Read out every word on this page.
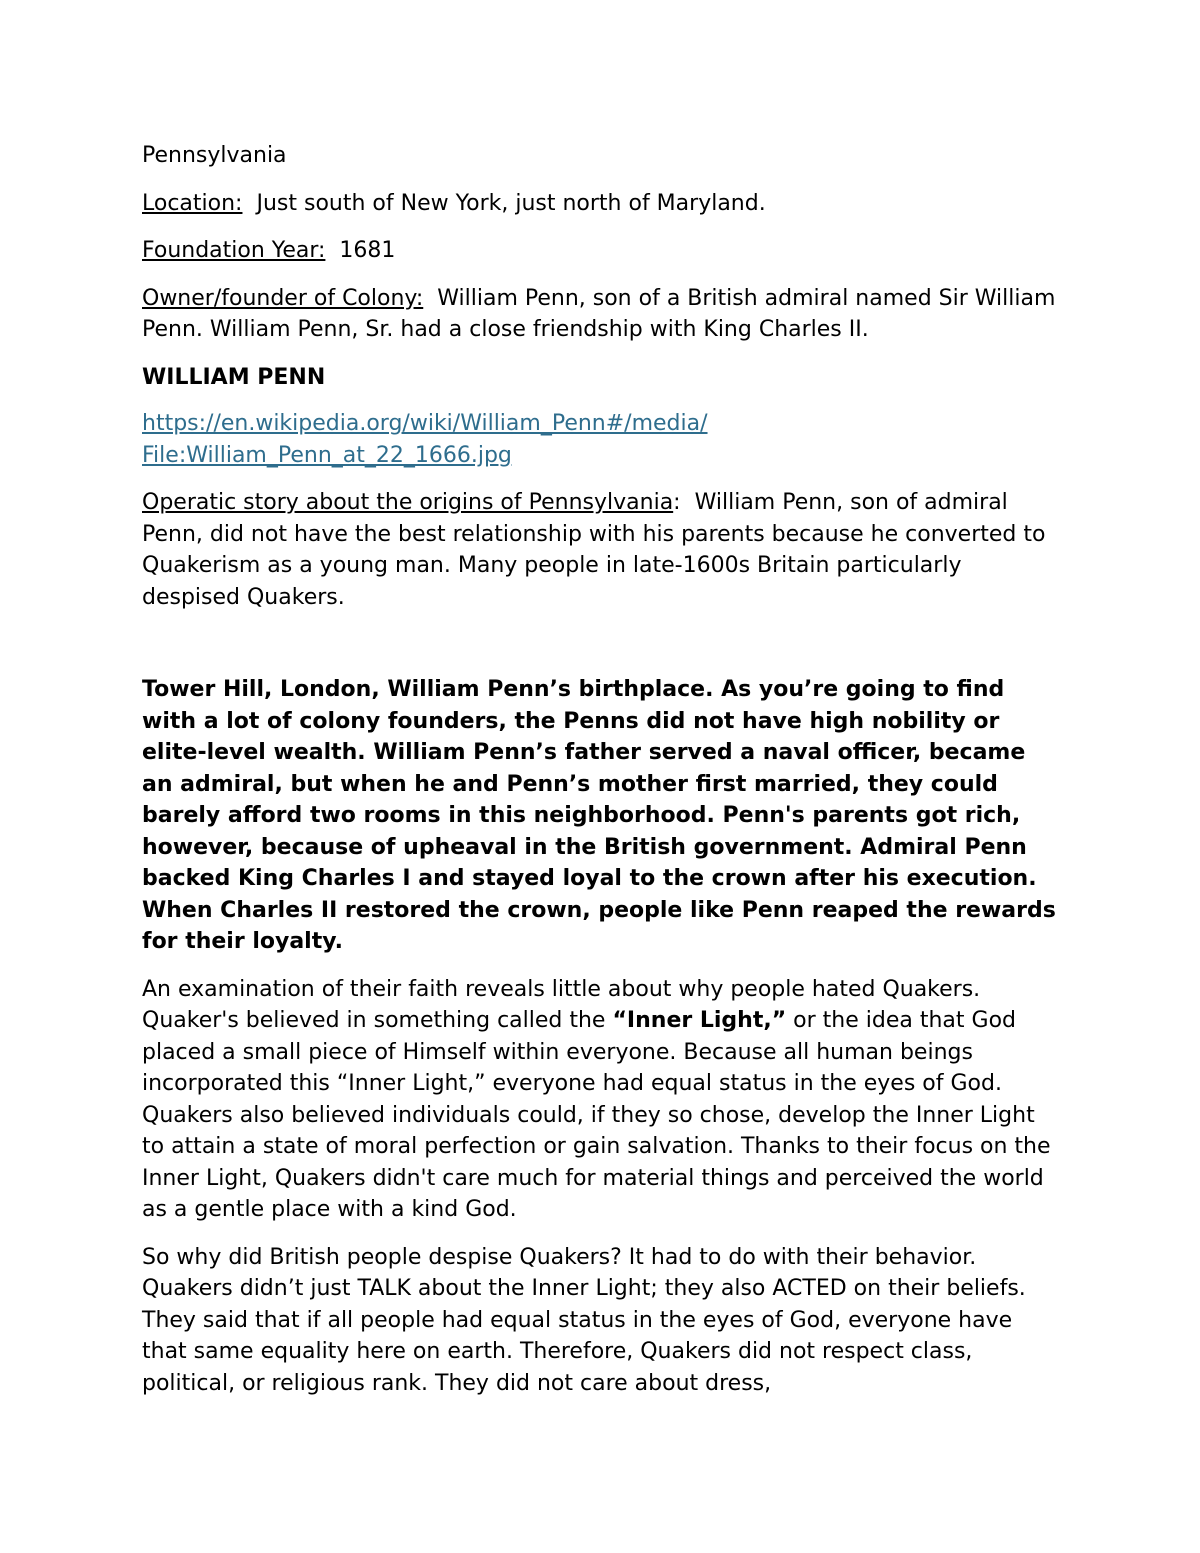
Pennsylvania

Location: Just south of New York, just north of Maryland.

Foundation Year: 1681

Owner/founder of Colony: William Penn, son of a British admiral named Sir William Penn. William Penn, Sr. had a close friendship with King Charles II.

WILLIAM PENN

https://en.wikipedia.org/wiki/William_Penn#/media/
File:William_Penn_at_22_1666.jpg

Operatic story about the origins of Pennsylvania: William Penn, son of admiral Penn, did not have the best relationship with his parents because he converted to Quakerism as a young man. Many people in late-1600s Britain particularly despised Quakers.

Tower Hill, London, William Penn’s birthplace. As you’re going to find with a lot of colony founders, the Penns did not have high nobility or elite-level wealth. William Penn’s father served a naval officer, became an admiral, but when he and Penn’s mother first married, they could barely afford two rooms in this neighborhood. Penn's parents got rich, however, because of upheaval in the British government. Admiral Penn backed King Charles I and stayed loyal to the crown after his execution. When Charles II restored the crown, people like Penn reaped the rewards for their loyalty.

An examination of their faith reveals little about why people hated Quakers. Quaker's believed in something called the “Inner Light,” or the idea that God placed a small piece of Himself within everyone. Because all human beings incorporated this “Inner Light,” everyone had equal status in the eyes of God. Quakers also believed individuals could, if they so chose, develop the Inner Light to attain a state of moral perfection or gain salvation. Thanks to their focus on the Inner Light, Quakers didn't care much for material things and perceived the world as a gentle place with a kind God.

So why did British people despise Quakers? It had to do with their behavior. Quakers didn’t just TALK about the Inner Light; they also ACTED on their beliefs. They said that if all people had equal status in the eyes of God, everyone have that same equality here on earth. Therefore, Quakers did not respect class, political, or religious rank. They did not care about dress,
